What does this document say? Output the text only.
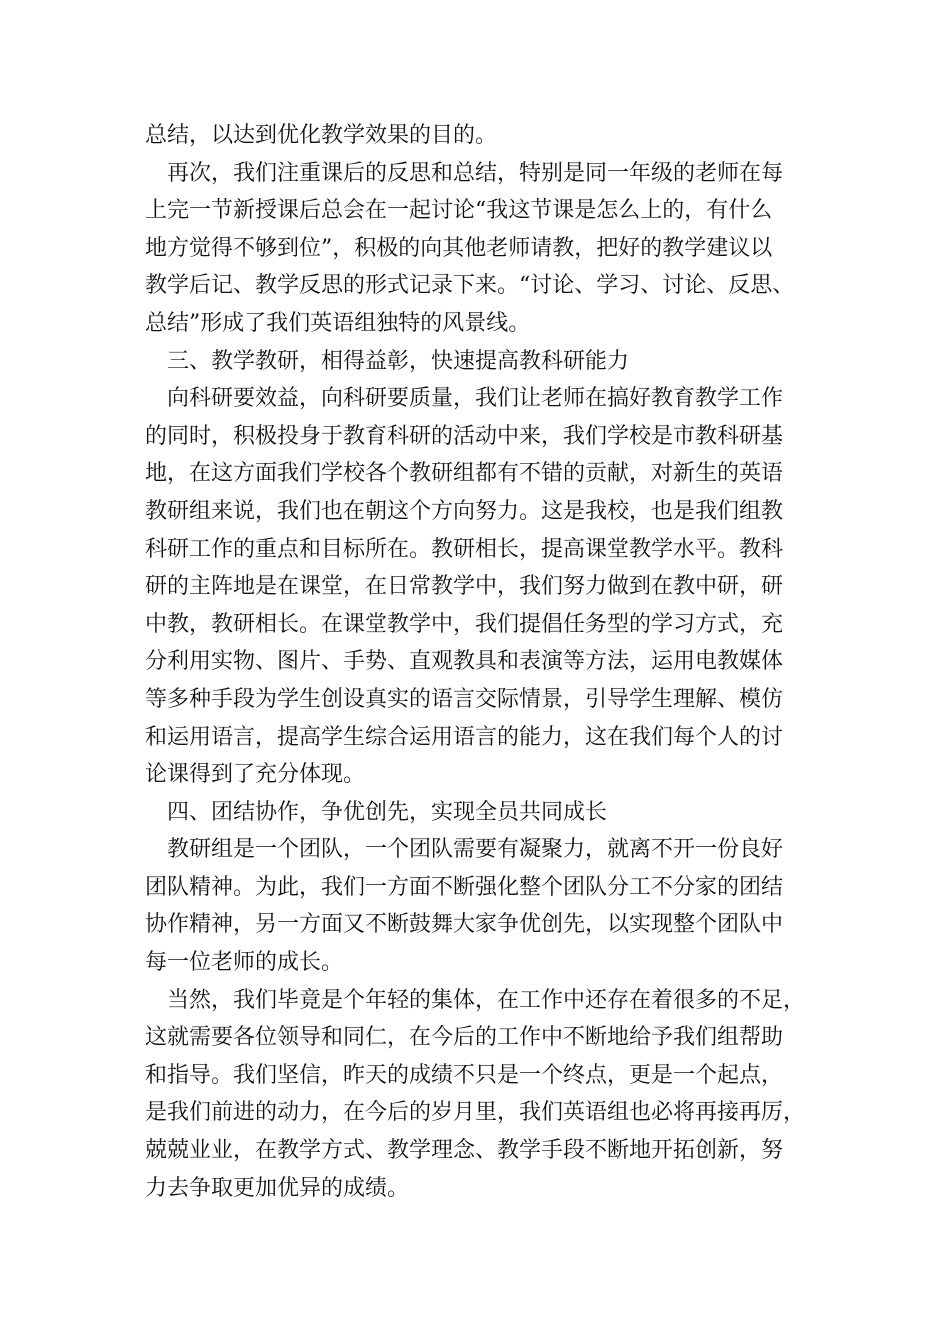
总结，以达到优化教学效果的目的。
　再次，我们注重课后的反思和总结，特别是同一年级的老师在每
上完一节新授课后总会在一起讨论“我这节课是怎么上的，有什么
地方觉得不够到位”，积极的向其他老师请教，把好的教学建议以
教学后记、教学反思的形式记录下来。“讨论、学习、讨论、反思、
总结”形成了我们英语组独特的风景线。
　三、教学教研，相得益彰，快速提高教科研能力
　向科研要效益，向科研要质量，我们让老师在搞好教育教学工作
的同时，积极投身于教育科研的活动中来，我们学校是市教科研基
地，在这方面我们学校各个教研组都有不错的贡献，对新生的英语
教研组来说，我们也在朝这个方向努力。这是我校，也是我们组教
科研工作的重点和目标所在。教研相长，提高课堂教学水平。教科
研的主阵地是在课堂，在日常教学中，我们努力做到在教中研，研
中教，教研相长。在课堂教学中，我们提倡任务型的学习方式，充
分利用实物、图片、手势、直观教具和表演等方法，运用电教媒体
等多种手段为学生创设真实的语言交际情景，引导学生理解、模仿
和运用语言，提高学生综合运用语言的能力，这在我们每个人的讨
论课得到了充分体现。
　四、团结协作，争优创先，实现全员共同成长
　教研组是一个团队，一个团队需要有凝聚力，就离不开一份良好
团队精神。为此，我们一方面不断强化整个团队分工不分家的团结
协作精神，另一方面又不断鼓舞大家争优创先，以实现整个团队中
每一位老师的成长。
　当然，我们毕竟是个年轻的集体，在工作中还存在着很多的不足，
这就需要各位领导和同仁，在今后的工作中不断地给予我们组帮助
和指导。我们坚信，昨天的成绩不只是一个终点，更是一个起点，
是我们前进的动力，在今后的岁月里，我们英语组也必将再接再厉，
兢兢业业，在教学方式、教学理念、教学手段不断地开拓创新，努
力去争取更加优异的成绩。
